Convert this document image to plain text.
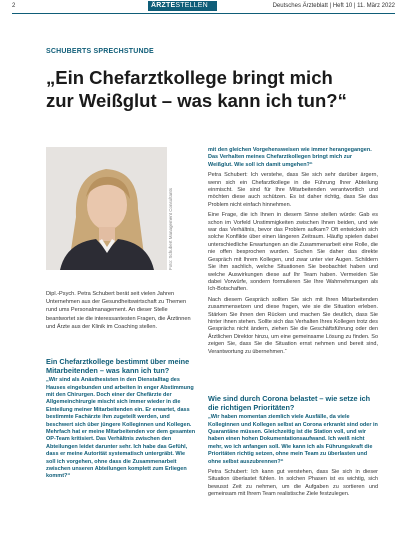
2	ÄRZTESTELLEN	Deutsches Ärzteblatt | Heft 10 | 11. März 2022
SCHUBERTS SPRECHSTUNDE
„Ein Chefarztkollege bringt mich zur Weißglut – was kann ich tun?“
Foto: Schubert Management Consultants
Dipl.-Psych. Petra Schubert berät seit vielen Jahren Unternehmen aus der Gesundheitswirtschaft zu Themen rund ums Personalmanagement. An dieser Stelle beantwortet sie die interessantesten Fragen, die Ärztinnen und Ärzte aus der Klinik im Coaching stellen.

Ein Chefarztkollege bestimmt über meine Mitarbeitenden – was kann ich tun?

„Wir sind als Anästhesisten in den Dienstalltag des Hauses eingebunden und arbeiten in enger Abstimmung mit den Chirurgen. Doch einer der Chefärzte der Allgemeinchirurgie mischt sich immer wieder in die Einteilung meiner Mitarbeitenden ein. Er erwartet, dass bestimmte Fachärzte ihm zugeteilt werden, und beschwert sich über jüngere Kolleginnen und Kollegen. Mehrfach hat er meine Mitarbeitenden vor dem gesamten OP-Team kritisiert. Das Verhältnis zwischen den Abteilungen leidet darunter sehr. Ich habe das Gefühl, dass er meine Autorität systematisch untergräbt. Wie soll ich vorgehen, ohne dass die Zusammenarbeit zwischen unseren Abteilungen komplett zum Erliegen kommt?“

mit den gleichen Vorgehensweisen wie immer herangegangen. Das Verhalten meines Chefarztkollegen bringt mich zur Weißglut. Wie soll ich damit umgehen?“

Petra Schubert: Ich verstehe, dass Sie sich sehr darüber ärgern, wenn sich ein Chefarztkollege in die Führung Ihrer Abteilung einmischt. Sie sind für Ihre Mitarbeitenden verantwortlich und möchten diese auch schützen. Es ist daher richtig, dass Sie das Problem nicht einfach hinnehmen.

Eine Frage, die ich Ihnen in diesem Sinne stellen würde: Gab es schon im Vorfeld Unstimmigkeiten zwischen Ihnen beiden, und wie war das Verhältnis, bevor das Problem aufkam? Oft entwickeln sich solche Konflikte über einen längeren Zeitraum. Häufig spielen dabei unterschiedliche Erwartungen an die Zusammenarbeit eine Rolle, die nie offen besprochen wurden. Suchen Sie daher das direkte Gespräch mit Ihrem Kollegen, und zwar unter vier Augen. Schildern Sie ihm sachlich, welche Situationen Sie beobachtet haben und welche Auswirkungen diese auf Ihr Team haben. Vermeiden Sie dabei Vorwürfe, sondern formulieren Sie Ihre Wahrnehmungen als Ich-Botschaften.

Nach diesem Gespräch sollten Sie sich mit Ihren Mitarbeitenden zusammensetzen und diese fragen, wie sie die Situation erleben. Stärken Sie ihnen den Rücken und machen Sie deutlich, dass Sie hinter ihnen stehen. Sollte sich das Verhalten Ihres Kollegen trotz des Gesprächs nicht ändern, ziehen Sie die Geschäftsführung oder den Ärztlichen Direktor hinzu, um eine gemeinsame Lösung zu finden. So zeigen Sie, dass Sie die Situation ernst nehmen und bereit sind, Verantwortung zu übernehmen.“

Wie sind durch Corona belastet – wie setze ich die richtigen Prioritäten?

„Wir haben momentan ziemlich viele Ausfälle, da viele Kolleginnen und Kollegen selbst an Corona erkrankt sind oder in Quarantäne müssen. Gleichzeitig ist die Station voll, und wir haben einen hohen Dokumentationsaufwand. Ich weiß nicht mehr, wo ich anfangen soll. Wie kann ich als Führungskraft die Prioritäten richtig setzen, ohne mein Team zu überlasten und ohne selbst auszubrennen?“

Petra Schubert: Ich kann gut verstehen, dass Sie sich in dieser Situation überlastet fühlen. In solchen Phasen ist es wichtig, sich bewusst Zeit zu nehmen, um die Aufgaben zu sortieren und gemeinsam mit Ihrem Team realistische Ziele festzulegen.
